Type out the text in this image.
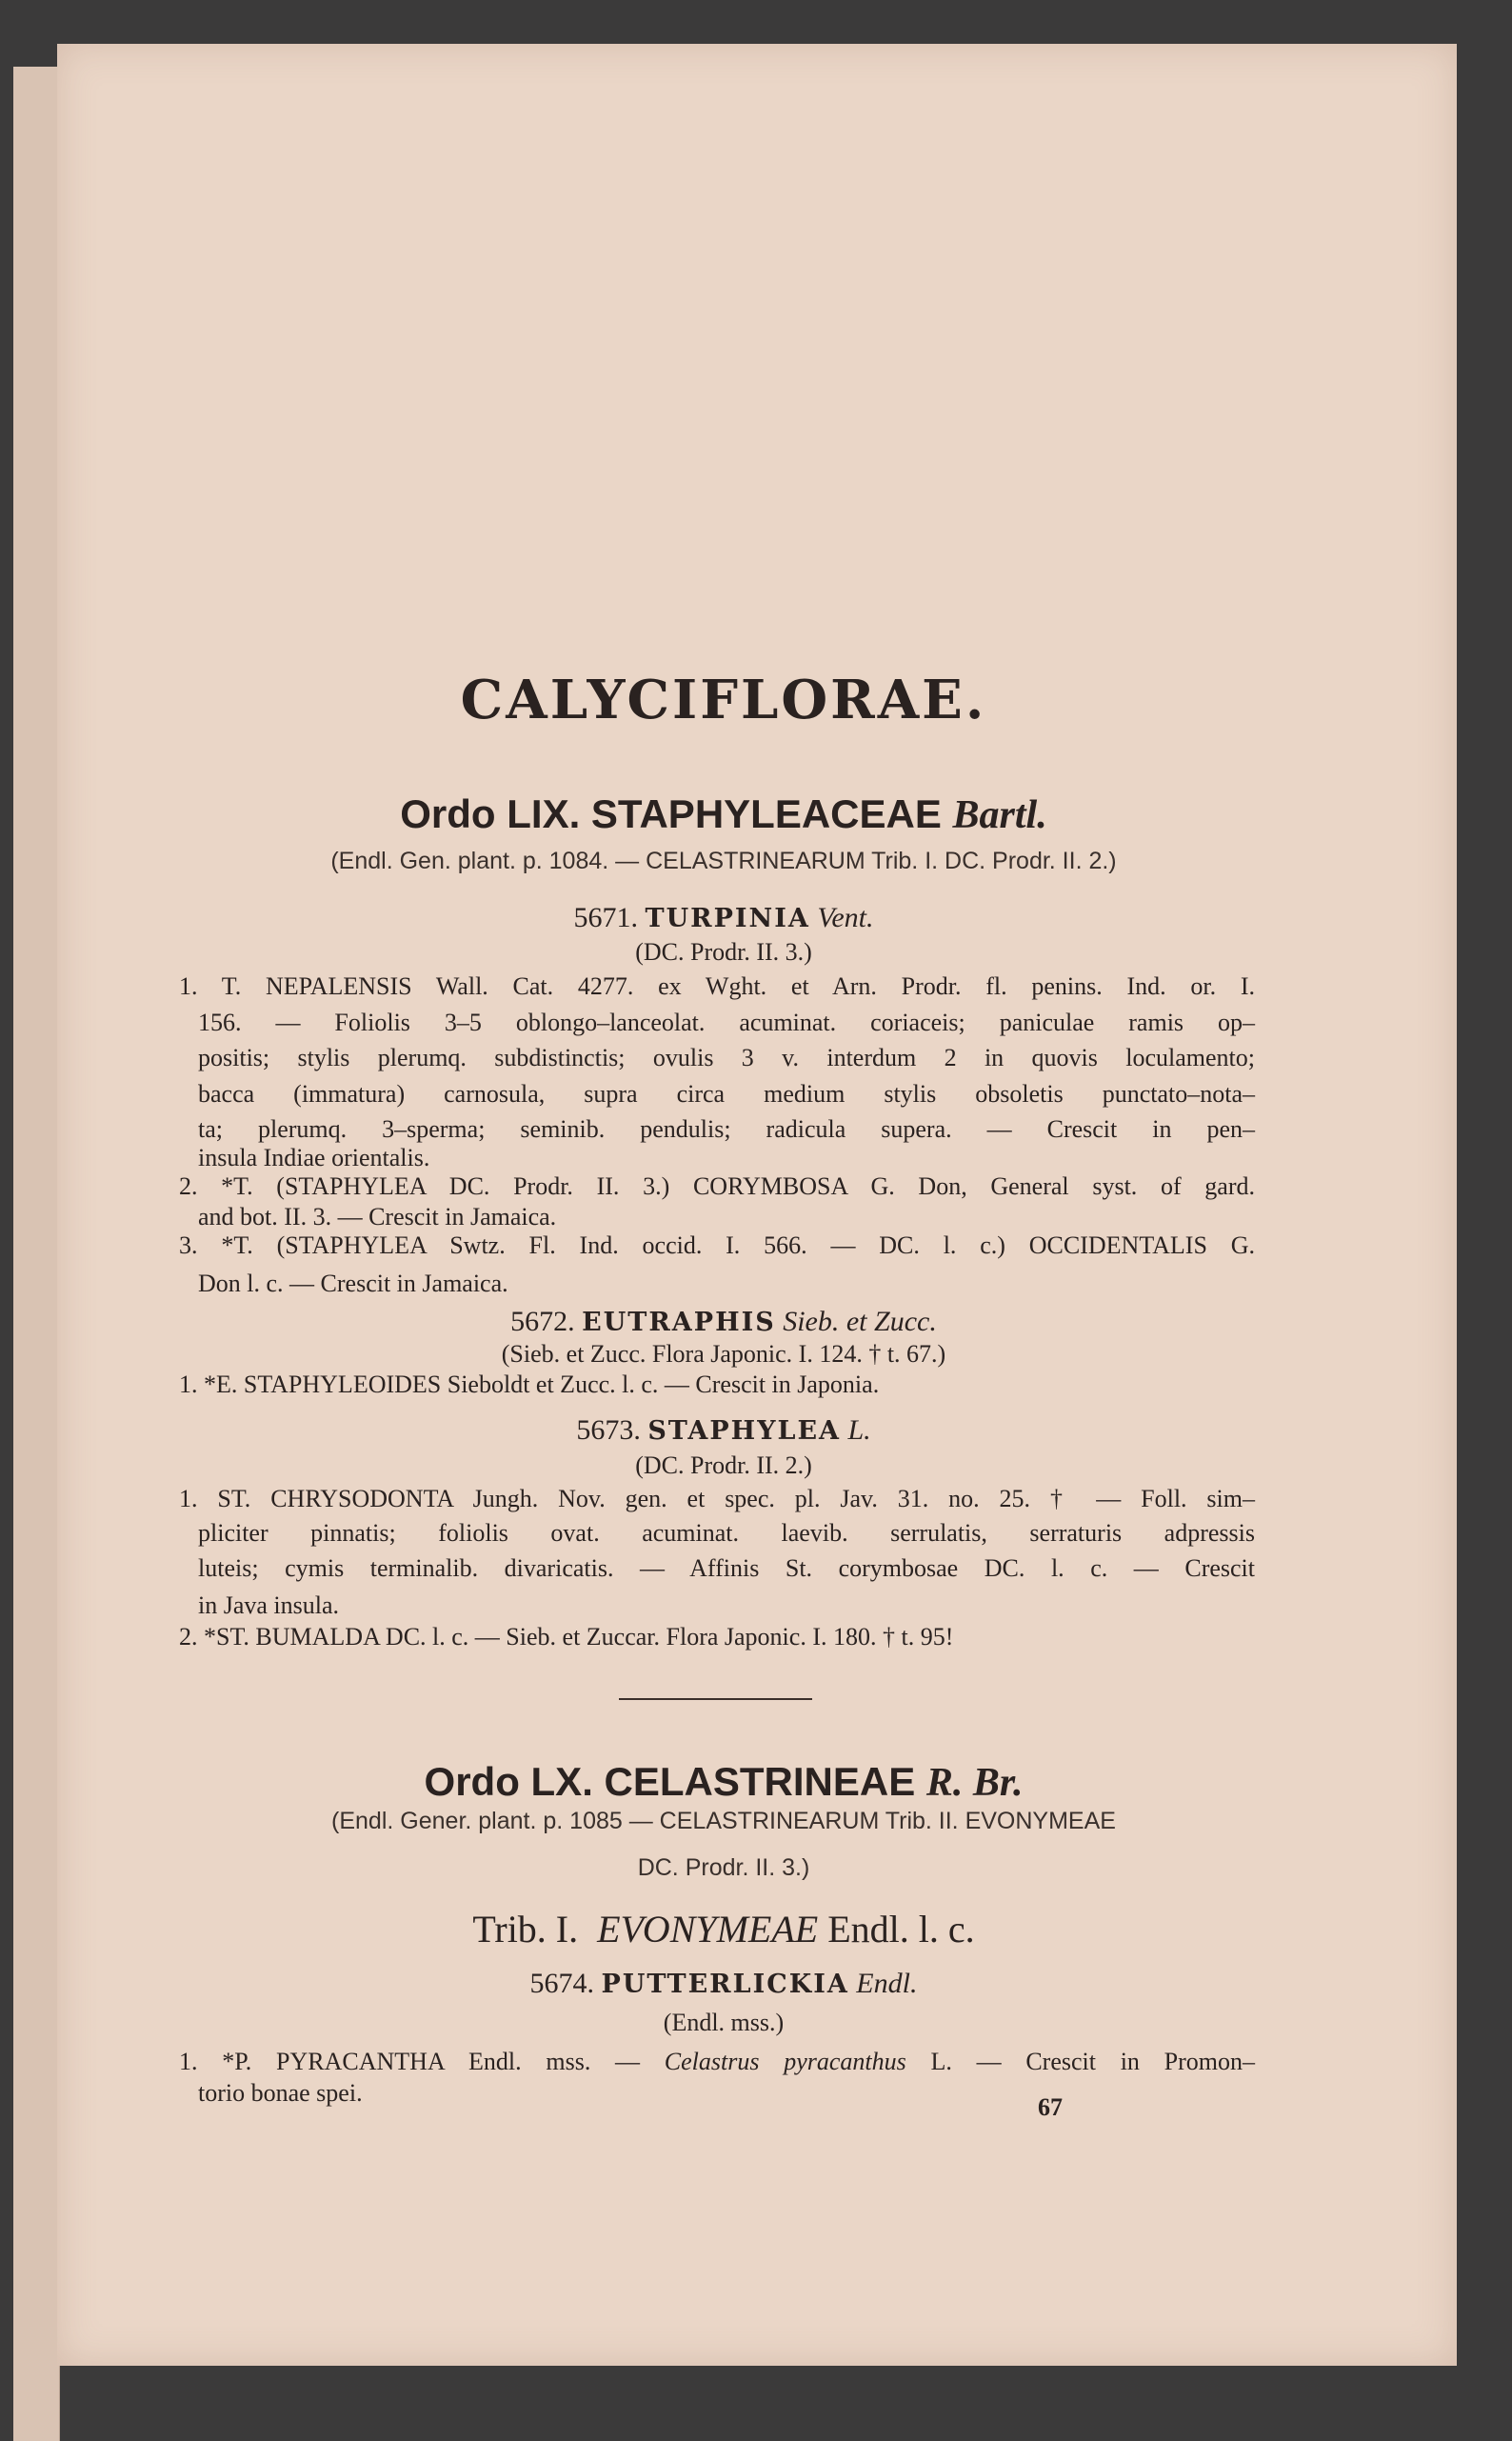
CALYCIFLORAE.
Ordo LIX. STAPHYLEACEAE Bartl.
(Endl. Gen. plant. p. 1084. — CELASTRINEARUM Trib. I. DC. Prodr. II. 2.)
5671. TURPINIA Vent.
(DC. Prodr. II. 3.)
1. T. NEPALENSIS Wall. Cat. 4277. ex Wght. et Arn. Prodr. fl. penins. Ind. or. I.
156. — Foliolis 3–5 oblongo–lanceolat. acuminat. coriaceis; paniculae ramis op–
positis; stylis plerumq. subdistinctis; ovulis 3 v. interdum 2 in quovis loculamento;
bacca (immatura) carnosula, supra circa medium stylis obsoletis punctato–nota–
ta; plerumq. 3–sperma; seminib. pendulis; radicula supera. — Crescit in pen–
insula Indiae orientalis.
2. *T. (STAPHYLEA DC. Prodr. II. 3.) CORYMBOSA G. Don, General syst. of gard.
and bot. II. 3. — Crescit in Jamaica.
3. *T. (STAPHYLEA Swtz. Fl. Ind. occid. I. 566. — DC. l. c.) OCCIDENTALIS G.
Don l. c. — Crescit in Jamaica.
5672. EUTRAPHIS Sieb. et Zucc.
(Sieb. et Zucc. Flora Japonic. I. 124. † t. 67.)
1. *E. STAPHYLEOIDES Sieboldt et Zucc. l. c. — Crescit in Japonia.
5673. STAPHYLEA L.
(DC. Prodr. II. 2.)
1. ST. CHRYSODONTA Jungh. Nov. gen. et spec. pl. Jav. 31. no. 25. † — Foll. sim–
pliciter pinnatis; foliolis ovat. acuminat. laevib. serrulatis, serraturis adpressis
luteis; cymis terminalib. divaricatis. — Affinis St. corymbosae DC. l. c. — Crescit
in Java insula.
2. *ST. BUMALDA DC. l. c. — Sieb. et Zuccar. Flora Japonic. I. 180. † t. 95!
Ordo LX. CELASTRINEAE R. Br.
(Endl. Gener. plant. p. 1085 — CELASTRINEARUM Trib. II. EVONYMEAE
DC. Prodr. II. 3.)
Trib. I. EVONYMEAE Endl. l. c.
5674. PUTTERLICKIA Endl.
(Endl. mss.)
1. *P. PYRACANTHA Endl. mss. — Celastrus pyracanthus L. — Crescit in Promon–
torio bonae spei.
67
